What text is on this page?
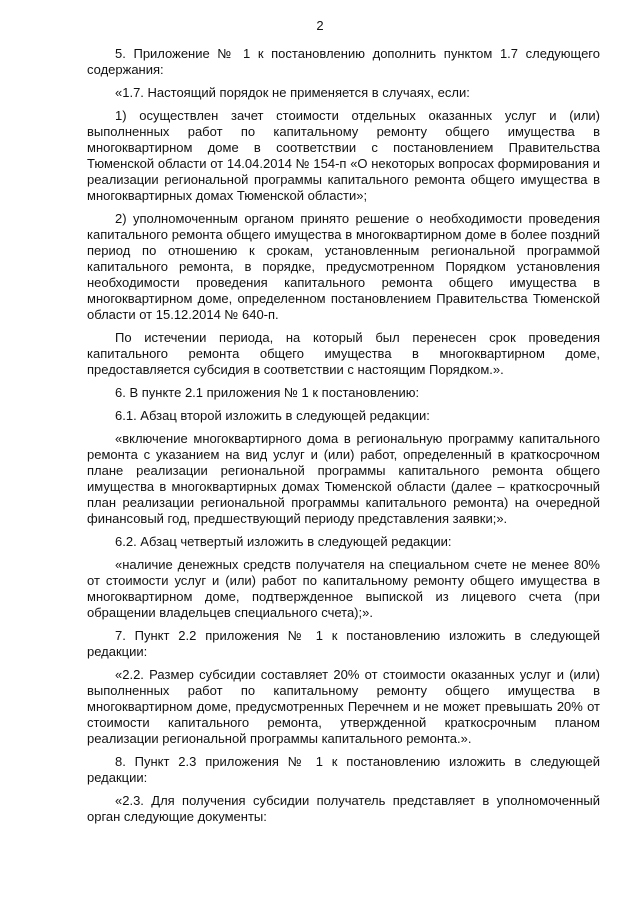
2

5. Приложение № 1 к постановлению дополнить пунктом 1.7 следующего содержания:

«1.7. Настоящий порядок не применяется в случаях, если:

1) осуществлен зачет стоимости отдельных оказанных услуг и (или) выполненных работ по капитальному ремонту общего имущества в многоквартирном доме в соответствии с постановлением Правительства Тюменской области от 14.04.2014 № 154-п «О некоторых вопросах формирования и реализации региональной программы капитального ремонта общего имущества в многоквартирных домах Тюменской области»;

2) уполномоченным органом принято решение о необходимости проведения капитального ремонта общего имущества в многоквартирном доме в более поздний период по отношению к срокам, установленным региональной программой капитального ремонта, в порядке, предусмотренном Порядком установления необходимости проведения капитального ремонта общего имущества в многоквартирном доме, определенном постановлением Правительства Тюменской области от 15.12.2014 № 640-п.

По истечении периода, на который был перенесен срок проведения капитального ремонта общего имущества в многоквартирном доме, предоставляется субсидия в соответствии с настоящим Порядком.».

6. В пункте 2.1 приложения № 1 к постановлению:

6.1. Абзац второй изложить в следующей редакции:

«включение многоквартирного дома в региональную программу капитального ремонта с указанием на вид услуг и (или) работ, определенный в краткосрочном плане реализации региональной программы капитального ремонта общего имущества в многоквартирных домах Тюменской области (далее – краткосрочный план реализации региональной программы капитального ремонта) на очередной финансовый год, предшествующий периоду представления заявки;».

6.2. Абзац четвертый изложить в следующей редакции:

«наличие денежных средств получателя на специальном счете не менее 80% от стоимости услуг и (или) работ по капитальному ремонту общего имущества в многоквартирном доме, подтвержденное выпиской из лицевого счета (при обращении владельцев специального счета);».

7. Пункт 2.2 приложения № 1 к постановлению изложить в следующей редакции:

«2.2. Размер субсидии составляет 20% от стоимости оказанных услуг и (или) выполненных работ по капитальному ремонту общего имущества в многоквартирном доме, предусмотренных Перечнем и не может превышать 20% от стоимости капитального ремонта, утвержденной краткосрочным планом реализации региональной программы капитального ремонта.».

8. Пункт 2.3 приложения № 1 к постановлению изложить в следующей редакции:

«2.3. Для получения субсидии получатель представляет в уполномоченный орган следующие документы:
